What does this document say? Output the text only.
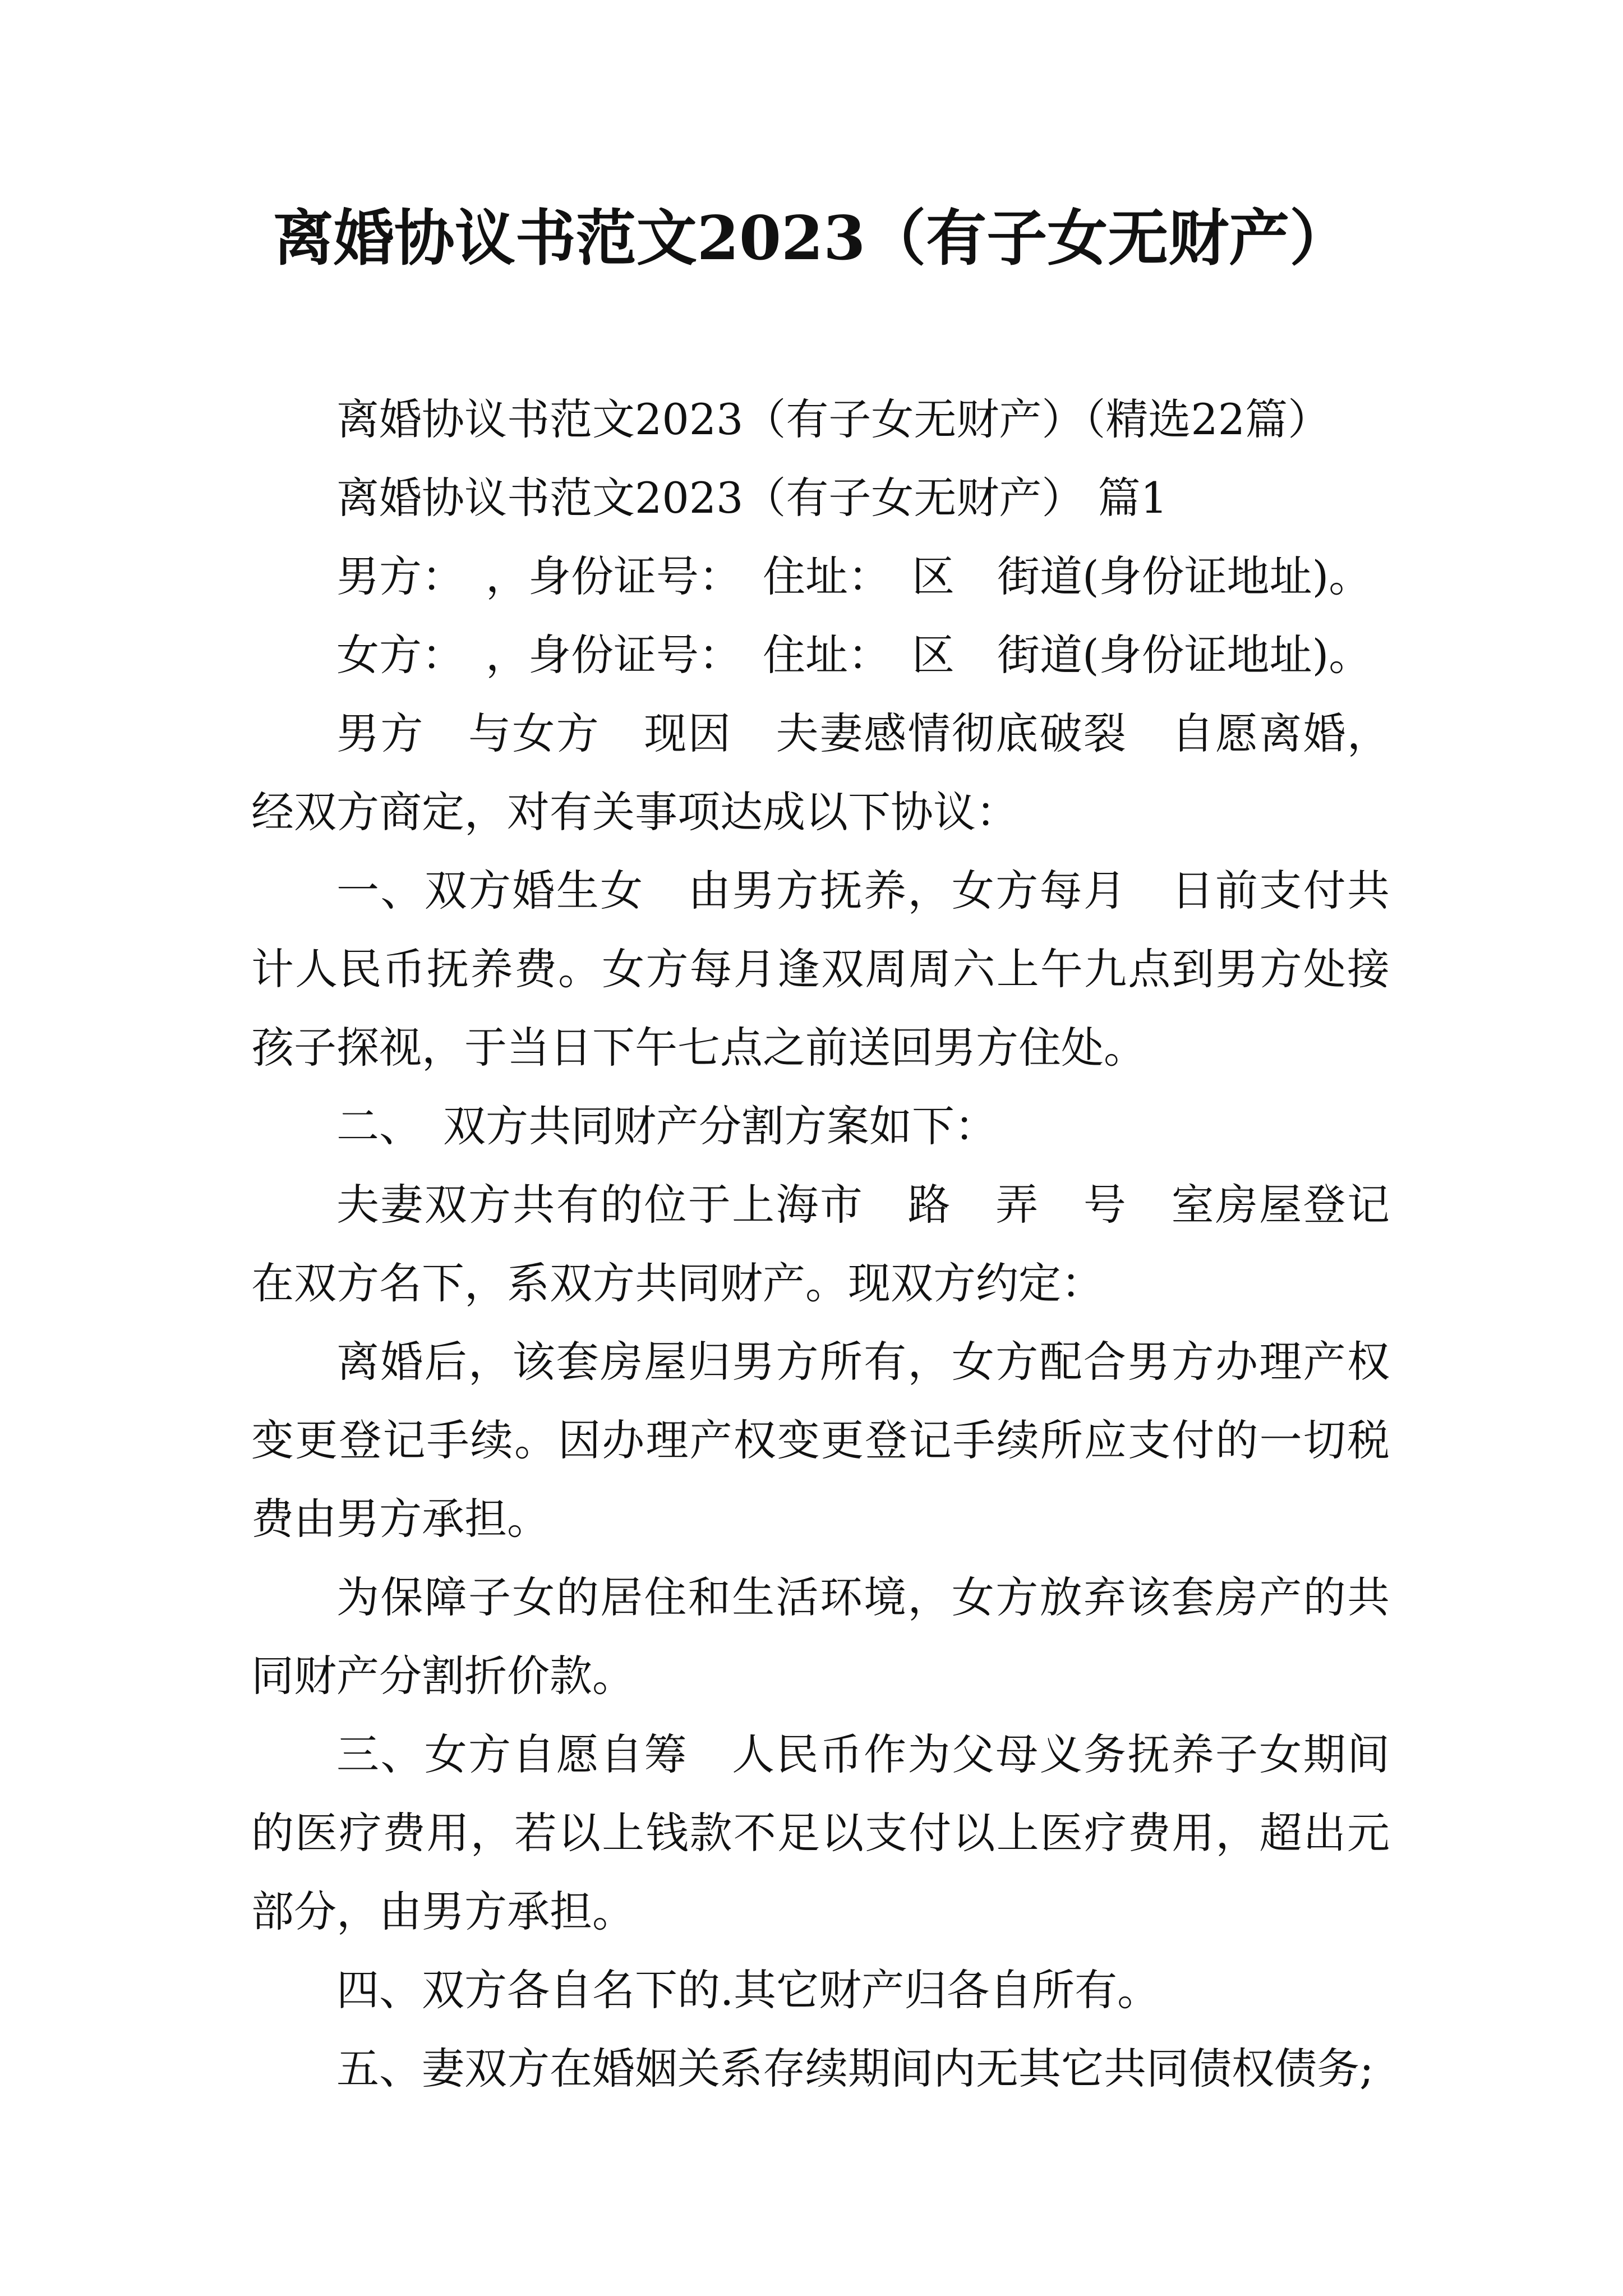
离婚协议书范文2023（有子女无财产）
离婚协议书范文2023（有子女无财产）（精选22篇）
离婚协议书范文2023（有子女无财产） 篇1
男方：　，身份证号：　住址：　区　街道(身份证地址)。
女方：　，身份证号：　住址：　区　街道(身份证地址)。

男方　与女方　现因　夫妻感情彻底破裂　自愿离婚，经双方商定，对有关事项达成以下协议：

一、双方婚生女　由男方抚养，女方每月　日前支付共计人民币抚养费。女方每月逢双周周六上午九点到男方处接孩子探视，于当日下午七点之前送回男方住处。

二、　双方共同财产分割方案如下：

夫妻双方共有的位于上海市　路　弄　号　室房屋登记在双方名下，系双方共同财产。现双方约定：

离婚后，该套房屋归男方所有，女方配合男方办理产权变更登记手续。因办理产权变更登记手续所应支付的一切税费由男方承担。

为保障子女的居住和生活环境，女方放弃该套房产的共同财产分割折价款。

三、女方自愿自筹　人民币作为父母义务抚养子女期间的医疗费用，若以上钱款不足以支付以上医疗费用，超出元部分，由男方承担。

四、双方各自名下的.其它财产归各自所有。

五、妻双方在婚姻关系存续期间内无其它共同债权债务;
